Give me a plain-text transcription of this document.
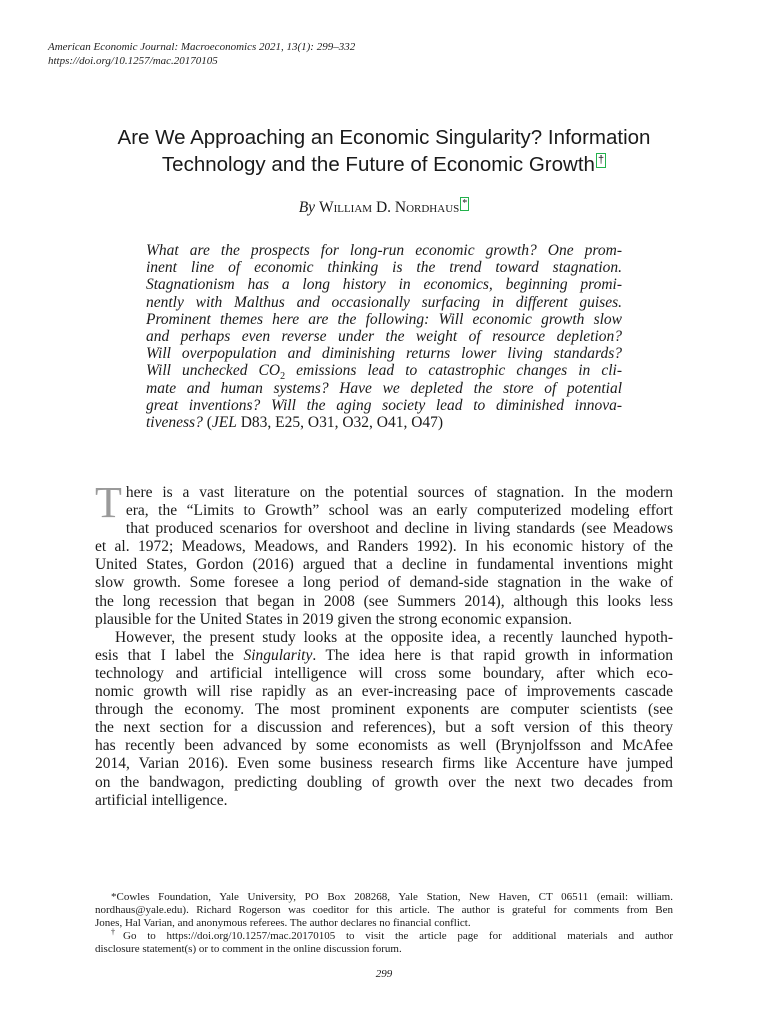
American Economic Journal: Macroeconomics 2021, 13(1): 299–332
https://doi.org/10.1257/mac.20170105
Are We Approaching an Economic Singularity? Information
Technology and the Future of Economic Growth †
By William D. Nordhaus *
What are the prospects for long-run economic growth? One prom-
inent line of economic thinking is the trend toward stagnation.
Stagnationism has a long history in economics, beginning promi-
nently with Malthus and occasionally surfacing in different guises.
Prominent themes here are the following: Will economic growth slow
and perhaps even reverse under the weight of resource depletion?
Will overpopulation and diminishing returns lower living standards?
Will unchecked $CO_2$ emissions lead to catastrophic changes in cli-
mate and human systems? Have we depleted the store of potential
great inventions? Will the aging society lead to diminished innova-
tiveness? (JEL D83, E25, O31, O32, O41, O47)
T here is a vast literature on the potential sources of stagnation. In the modern
era, the “Limits to Growth” school was an early computerized modeling effort
that produced scenarios for overshoot and decline in living standards (see Meadows
et al. 1972; Meadows, Meadows, and Randers 1992). In his economic history of the
United States, Gordon (2016) argued that a decline in fundamental inventions might
slow growth. Some foresee a long period of demand-side stagnation in the wake of
the long recession that began in 2008 (see Summers 2014), although this looks less
plausible for the United States in 2019 given the strong economic expansion.
However, the present study looks at the opposite idea, a recently launched hypoth-
esis that I label the Singularity. The idea here is that rapid growth in information
technology and artificial intelligence will cross some boundary, after which eco-
nomic growth will rise rapidly as an ever-increasing pace of improvements cascade
through the economy. The most prominent exponents are computer scientists (see
the next section for a discussion and references), but a soft version of this theory
has recently been advanced by some economists as well (Brynjolfsson and McAfee
2014, Varian 2016). Even some business research firms like Accenture have jumped
on the bandwagon, predicting doubling of growth over the next two decades from
artificial intelligence.
*Cowles Foundation, Yale University, PO Box 208268, Yale Station, New Haven, CT 06511 (email: william.
nordhaus@yale.edu). Richard Rogerson was coeditor for this article. The author is grateful for comments from Ben
Jones, Hal Varian, and anonymous referees. The author declares no financial conflict.
†Go to https://doi.org/10.1257/mac.20170105 to visit the article page for additional materials and author
disclosure statement(s) or to comment in the online discussion forum.
299
